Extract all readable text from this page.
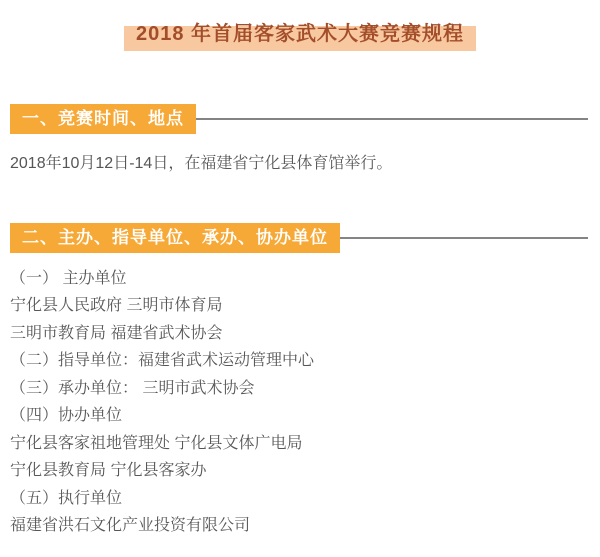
2018 年首届客家武术大赛竞赛规程
一、竞赛时间、地点

2018年10月12日-14日，在福建省宁化县体育馆举行。

二、主办、指导单位、承办、协办单位

（一） 主办单位

宁化县人民政府 三明市体育局

三明市教育局 福建省武术协会

（二）指导单位：福建省武术运动管理中心

（三）承办单位： 三明市武术协会

（四）协办单位

宁化县客家祖地管理处 宁化县文体广电局

宁化县教育局 宁化县客家办

（五）执行单位

福建省洪石文化产业投资有限公司
